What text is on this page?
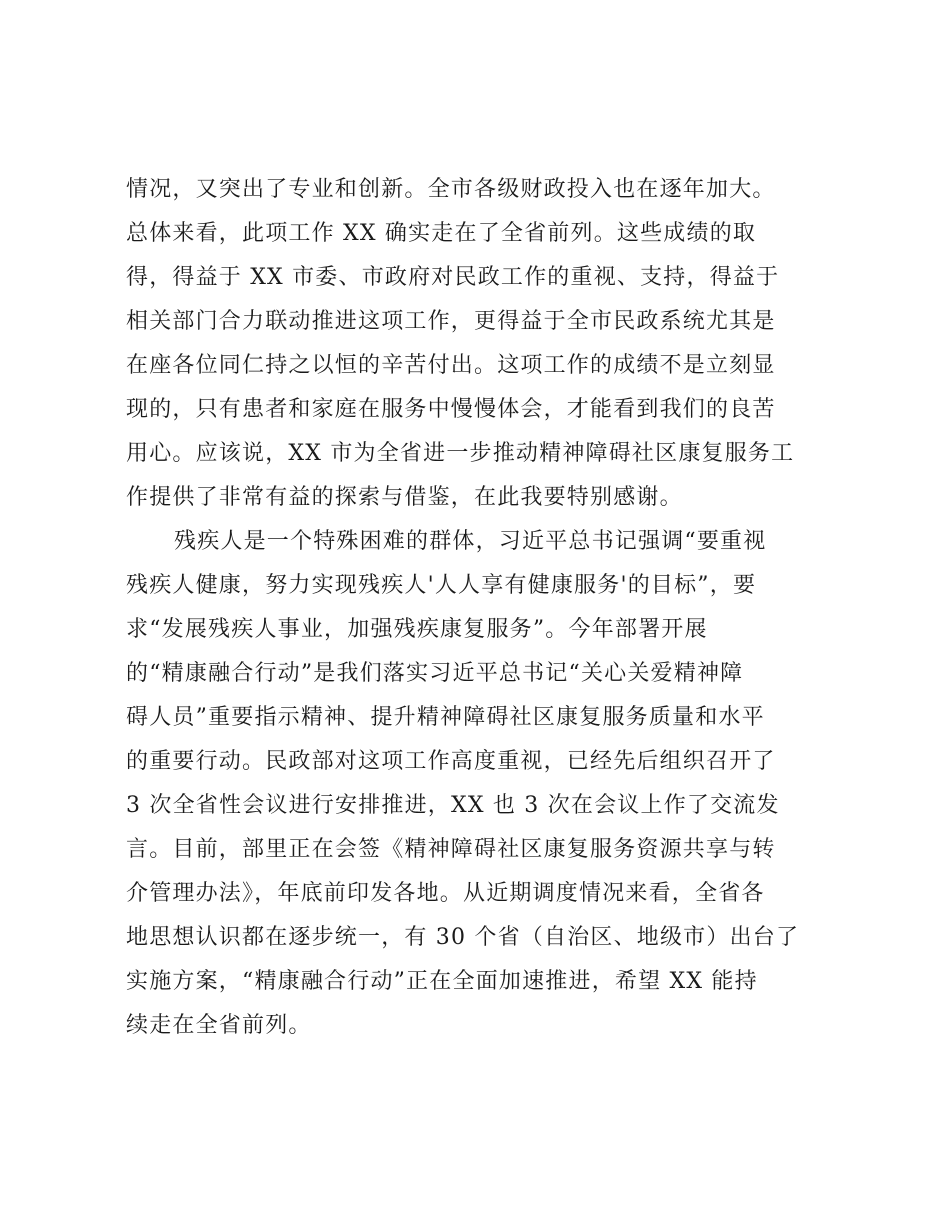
情况，又突出了专业和创新。全市各级财政投入也在逐年加大。
总体来看，此项工作 XX 确实走在了全省前列。这些成绩的取
得，得益于 XX 市委、市政府对民政工作的重视、支持，得益于
相关部门合力联动推进这项工作，更得益于全市民政系统尤其是
在座各位同仁持之以恒的辛苦付出。这项工作的成绩不是立刻显
现的，只有患者和家庭在服务中慢慢体会，才能看到我们的良苦
用心。应该说，XX 市为全省进一步推动精神障碍社区康复服务工
作提供了非常有益的探索与借鉴，在此我要特别感谢。
残疾人是一个特殊困难的群体，习近平总书记强调“要重视
残疾人健康，努力实现残疾人'人人享有健康服务'的目标”，要
求“发展残疾人事业，加强残疾康复服务”。今年部署开展
的“精康融合行动”是我们落实习近平总书记“关心关爱精神障
碍人员”重要指示精神、提升精神障碍社区康复服务质量和水平
的重要行动。民政部对这项工作高度重视，已经先后组织召开了
3 次全省性会议进行安排推进，XX 也 3 次在会议上作了交流发
言。目前，部里正在会签《精神障碍社区康复服务资源共享与转
介管理办法》，年底前印发各地。从近期调度情况来看，全省各
地思想认识都在逐步统一，有 30 个省（自治区、地级市）出台了
实施方案，“精康融合行动”正在全面加速推进，希望 XX 能持
续走在全省前列。
